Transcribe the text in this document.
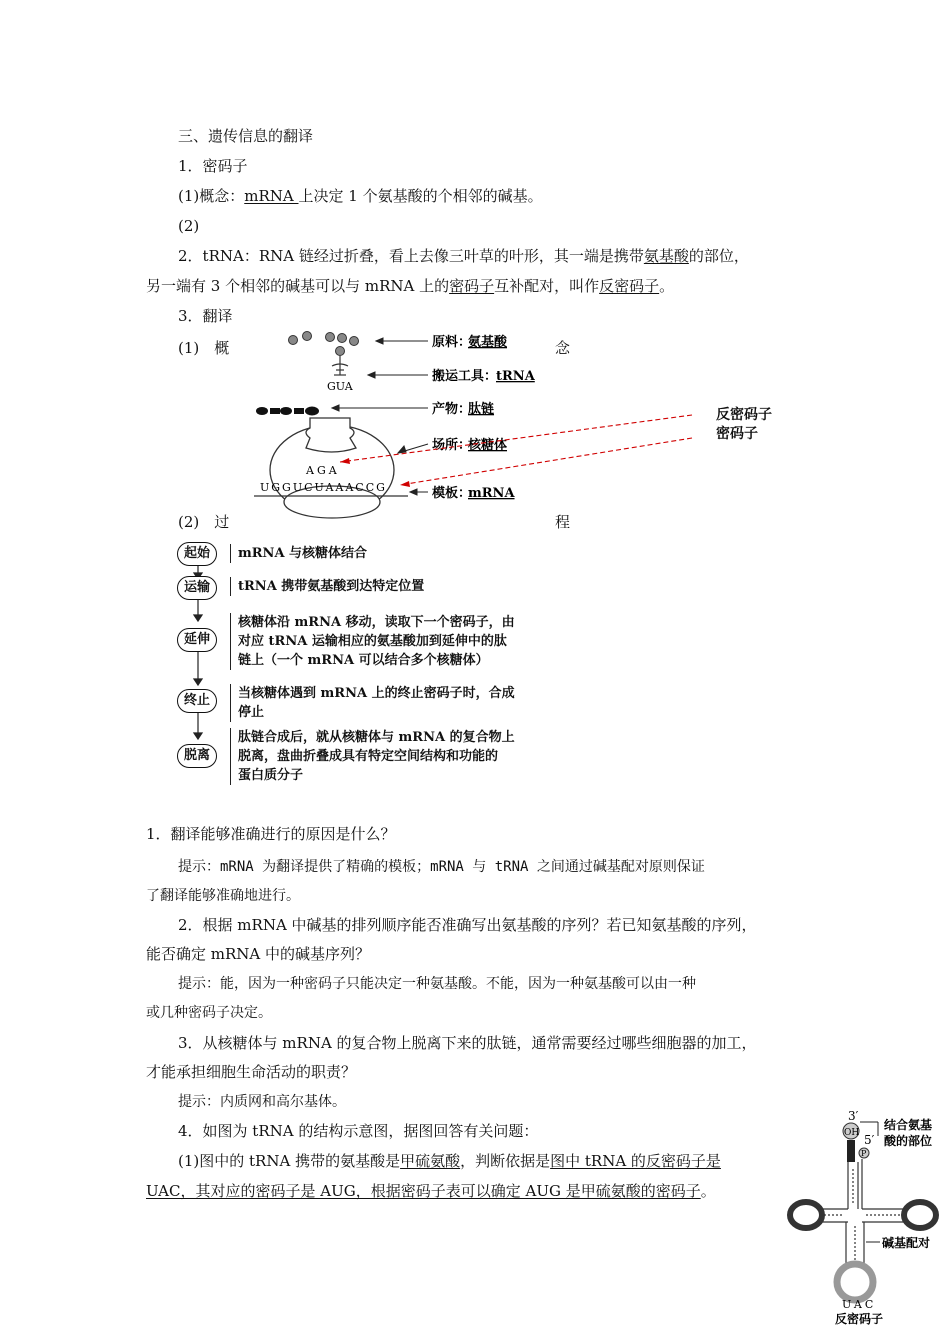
三、遗传信息的翻译
1．密码子
(1)概念：mRNA 上决定 1 个氨基酸的个相邻的碱基。
(2)
2．tRNA：RNA 链经过折叠，看上去像三叶草的叶形，其一端是携带氨基酸的部位，
另一端有 3 个相邻的碱基可以与 mRNA 上的密码子互补配对，叫作反密码子。
3．翻译
(1)　概	念
GUA
原料：
氨基酸
搬运工具：
tRNA
产物：
肽链
场所：
核糖体
模板：
mRNA
AGA
UGGUCUAAACCG
反密码子
密码子
(2)　过	程
起始
运输
延伸
终止
脱离
mRNA 与核糖体结合
tRNA 携带氨基酸到达特定位置
核糖体沿 mRNA 移动，读取下一个密码子，由
对应 tRNA 运输相应的氨基酸加到延伸中的肽
链上（一个 mRNA 可以结合多个核糖体）
当核糖体遇到 mRNA 上的终止密码子时，合成
停止
肽链合成后，就从核糖体与 mRNA 的复合物上
脱离，盘曲折叠成具有特定空间结构和功能的
蛋白质分子
1．翻译能够准确进行的原因是什么？
提示：mRNA 为翻译提供了精确的模板；mRNA 与 tRNA 之间通过碱基配对原则保证
了翻译能够准确地进行。
2．根据 mRNA 中碱基的排列顺序能否准确写出氨基酸的序列？若已知氨基酸的序列，
能否确定 mRNA 中的碱基序列？
提示：能，因为一种密码子只能决定一种氨基酸。不能，因为一种氨基酸可以由一种
或几种密码子决定。
3．从核糖体与 mRNA 的复合物上脱离下来的肽链，通常需要经过哪些细胞器的加工，
才能承担细胞生命活动的职责？
提示：内质网和高尔基体。
4．如图为 tRNA 的结构示意图，据图回答有关问题：
(1)图中的 tRNA 携带的氨基酸是甲硫氨酸，判断依据是图中 tRNA 的反密码子是
UAC，其对应的密码子是 AUG，根据密码子表可以确定 AUG 是甲硫氨酸的密码子。
3′
5′
OH
P
结合氨基
酸的部位
碱基配对
UAC
反密码子
